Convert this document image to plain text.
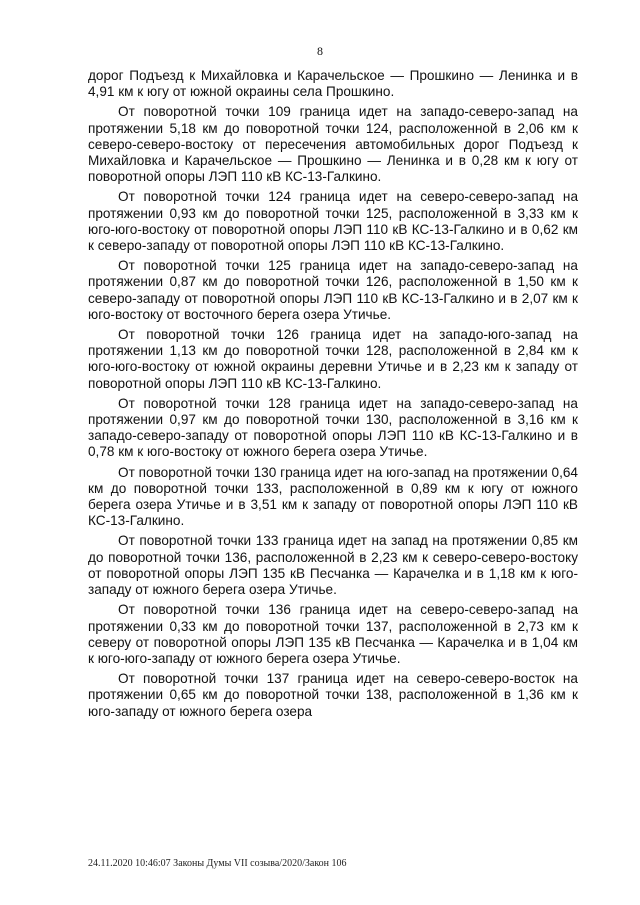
8

дорог Подъезд к Михайловка и Карачельское — Прошкино — Ленинка и в 4,91 км к югу от южной окраины села Прошкино.

От поворотной точки 109 граница идет на западо-северо-запад на протяжении 5,18 км до поворотной точки 124, расположенной в 2,06 км к северо-северо-востоку от пересечения автомобильных дорог Подъезд к Михайловка и Карачельское — Прошкино — Ленинка и в 0,28 км к югу от поворотной опоры ЛЭП 110 кВ КС-13-Галкино.

От поворотной точки 124 граница идет на северо-северо-запад на протяжении 0,93 км до поворотной точки 125, расположенной в 3,33 км к юго-юго-востоку от поворотной опоры ЛЭП 110 кВ КС-13-Галкино и в 0,62 км к северо-западу от поворотной опоры ЛЭП 110 кВ КС-13-Галкино.

От поворотной точки 125 граница идет на западо-северо-запад на протяжении 0,87 км до поворотной точки 126, расположенной в 1,50 км к северо-западу от поворотной опоры ЛЭП 110 кВ КС-13-Галкино и в 2,07 км к юго-востоку от восточного берега озера Утичье.

От поворотной точки 126 граница идет на западо-юго-запад на протяжении 1,13 км до поворотной точки 128, расположенной в 2,84 км к юго-юго-востоку от южной окраины деревни Утичье и в 2,23 км к западу от поворотной опоры ЛЭП 110 кВ КС-13-Галкино.

От поворотной точки 128 граница идет на западо-северо-запад на протяжении 0,97 км до поворотной точки 130, расположенной в 3,16 км к западо-северо-западу от поворотной опоры ЛЭП 110 кВ КС-13-Галкино и в 0,78 км к юго-востоку от южного берега озера Утичье.

От поворотной точки 130 граница идет на юго-запад на протяжении 0,64 км до поворотной точки 133, расположенной в 0,89 км к югу от южного берега озера Утичье и в 3,51 км к западу от поворотной опоры ЛЭП 110 кВ КС-13-Галкино.

От поворотной точки 133 граница идет на запад на протяжении 0,85 км до поворотной точки 136, расположенной в 2,23 км к северо-северо-востоку от поворотной опоры ЛЭП 135 кВ Песчанка — Карачелка и в 1,18 км к юго-западу от южного берега озера Утичье.

От поворотной точки 136 граница идет на северо-северо-запад на протяжении 0,33 км до поворотной точки 137, расположенной в 2,73 км к северу от поворотной опоры ЛЭП 135 кВ Песчанка — Карачелка и в 1,04 км к юго-юго-западу от южного берега озера Утичье.

От поворотной точки 137 граница идет на северо-северо-восток на протяжении 0,65 км до поворотной точки 138, расположенной в 1,36 км к юго-западу от южного берега озера

24.11.2020 10:46:07 Законы Думы VII созыва/2020/Закон 106
